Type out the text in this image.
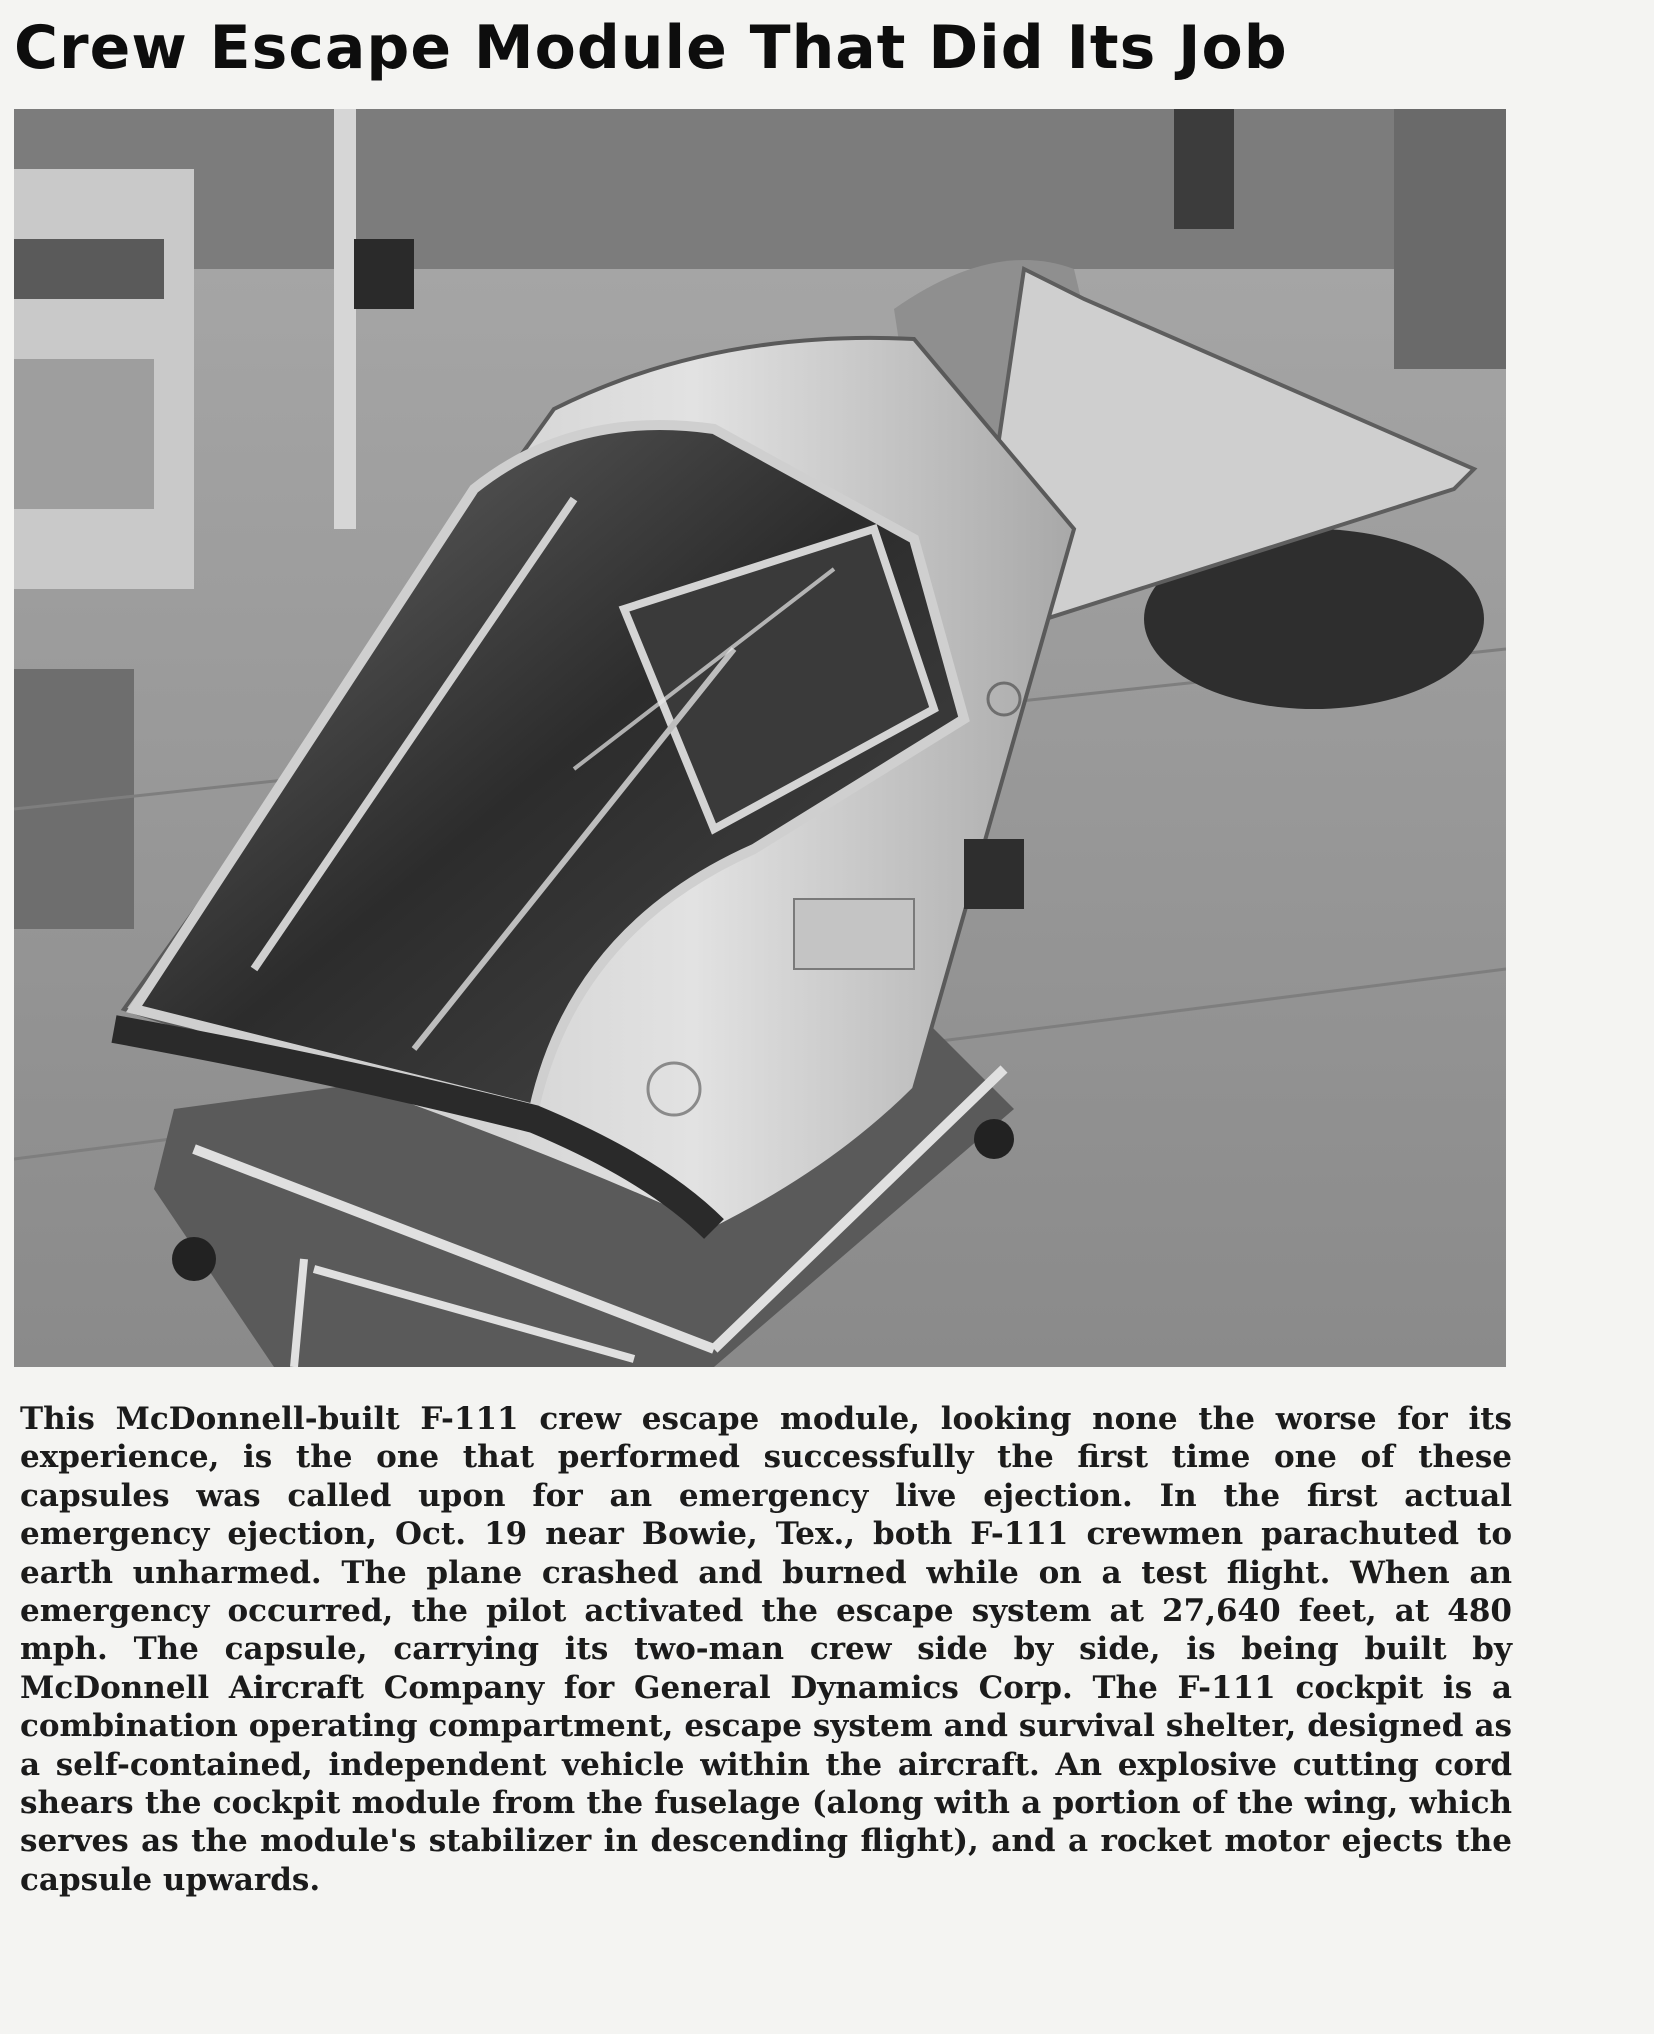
Crew Escape Module That Did Its Job

This McDonnell-built F-111 crew escape module, looking none the worse for its experience, is the one that performed successfully the first time one of these capsules was called upon for an emergency live ejection. In the first actual emergency ejection, Oct. 19 near Bowie, Tex., both F-111 crewmen parachuted to earth unharmed. The plane crashed and burned while on a test flight. When an emergency occurred, the pilot activated the escape system at 27,640 feet, at 480 mph. The capsule, carrying its two-man crew side by side, is being built by McDonnell Aircraft Company for General Dynamics Corp. The F-111 cockpit is a combination operating compartment, escape system and survival shelter, designed as a self-contained, independent vehicle within the aircraft. An explosive cutting cord shears the cockpit module from the fuselage (along with a portion of the wing, which serves as the module's stabilizer in descending flight), and a rocket motor ejects the capsule upwards.
